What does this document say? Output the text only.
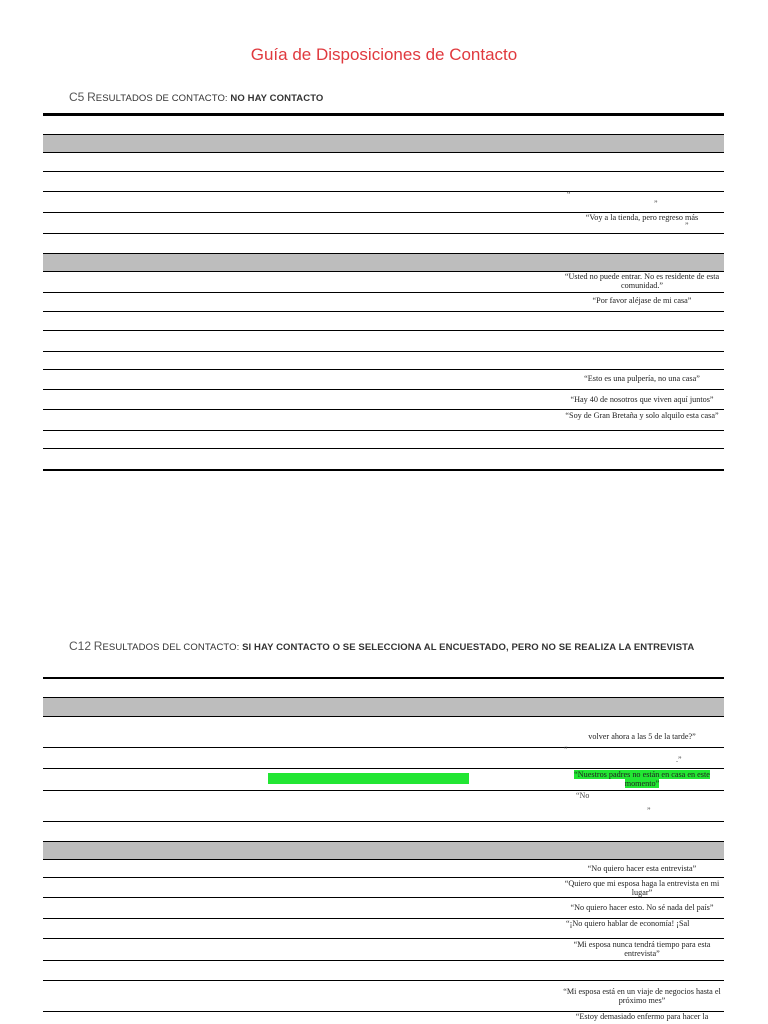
Guía de Disposiciones de Contacto
C5 RESULTADOS DE CONTACTO: NO HAY CONTACTO
“
”
“Voy a la tienda, pero regreso más
”
“Usted no puede entrar. No es residente de esta comunidad.”
“Por favor aléjase de mi casa”
“Esto es una pulpería, no una casa”
“Hay 40 de nosotros que viven aquí juntos”
“Soy de Gran Bretaña y solo alquilo esta casa”
C12 RESULTADOS DEL CONTACTO: SI HAY CONTACTO O SE SELECCIONA AL ENCUESTADO, PERO NO SE REALIZA LA ENTREVISTA
volver ahora a las 5 de la tarde?”
“
.”
“Nuestros padres no están en casa en este momento”
“No
”
“No quiero hacer esta entrevista”
“Quiero que mi esposa haga la entrevista en mi lugar”
“No quiero hacer esto. No sé nada del país”
“¡No quiero hablar de economía! ¡Sal
“Mi esposa nunca tendrá tiempo para esta entrevista”
“Mi esposa está en un viaje de negocios hasta el próximo mes”
“Estoy demasiado enfermo para hacer la
